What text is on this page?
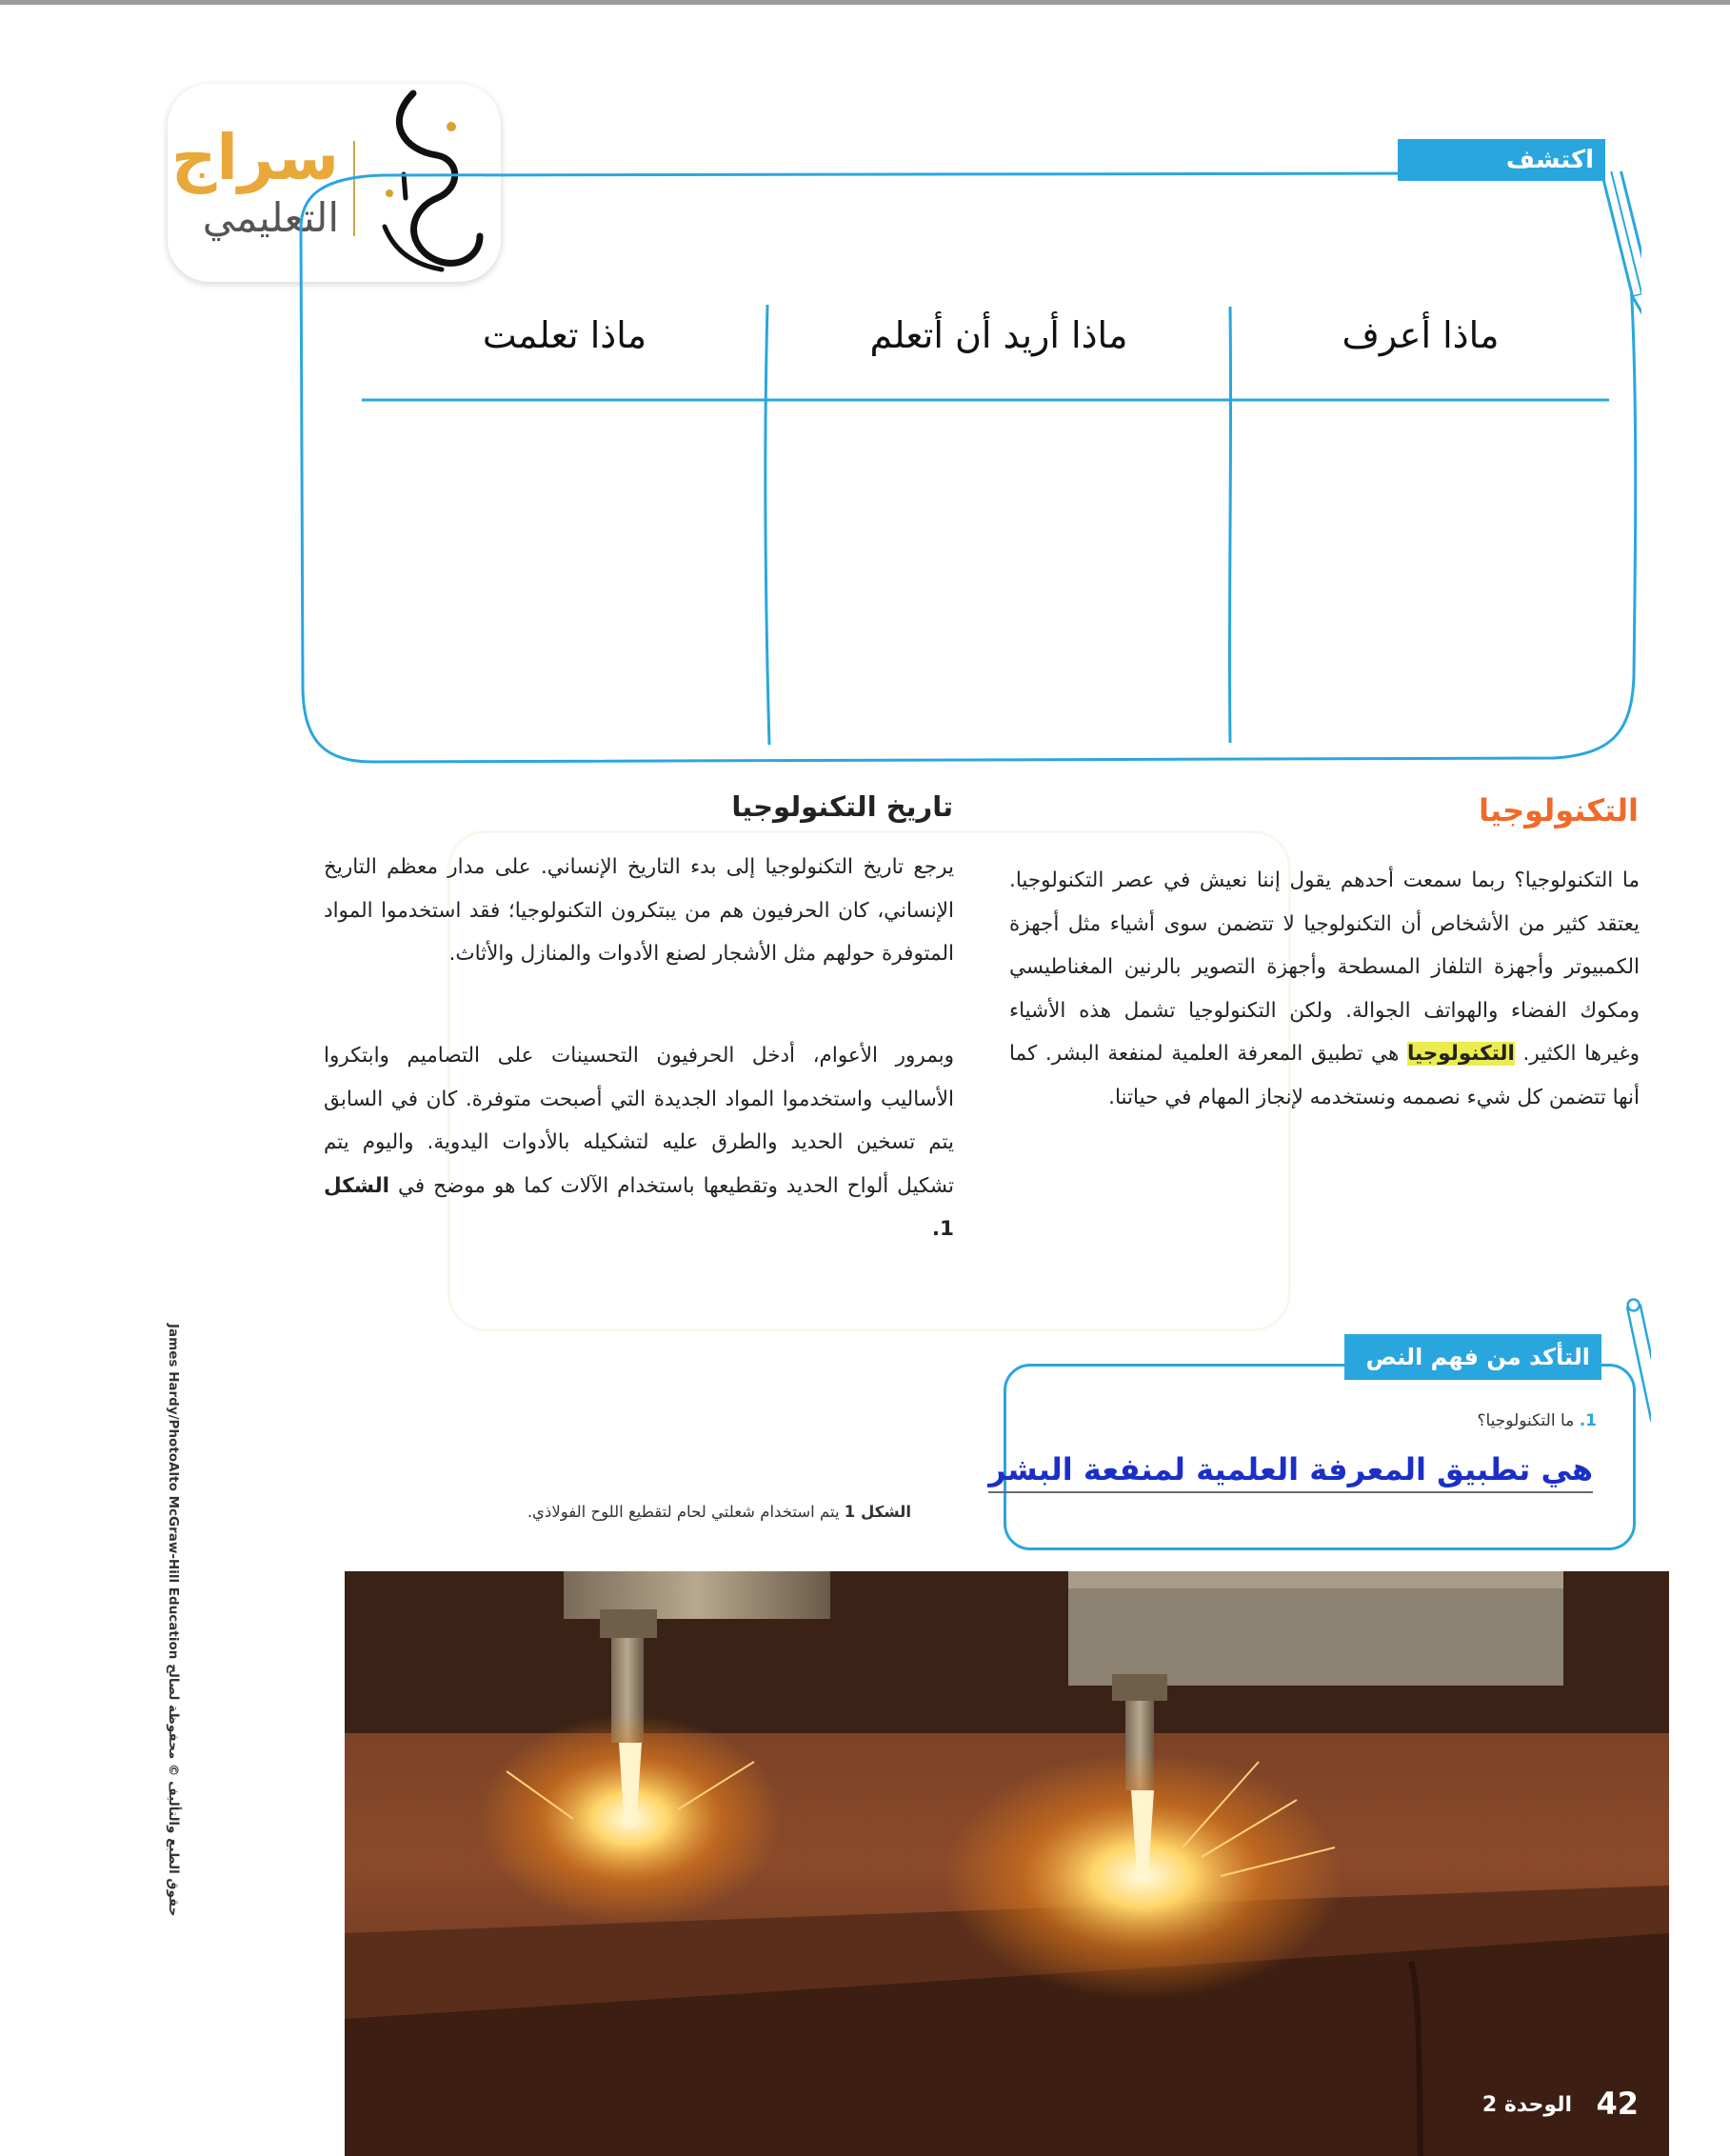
سراج
التعليمي
اكتشف
ماذا أعرف
ماذا أريد أن أتعلم
ماذا تعلمت
التكنولوجيا
ما التكنولوجيا؟ ربما سمعت أحدهم يقول إننا نعيش في عصر التكنولوجيا. يعتقد كثير من الأشخاص أن التكنولوجيا لا تتضمن سوى أشياء مثل أجهزة الكمبيوتر وأجهزة التلفاز المسطحة وأجهزة التصوير بالرنين المغناطيسي ومكوك الفضاء والهواتف الجوالة. ولكن التكنولوجيا تشمل هذه الأشياء وغيرها الكثير. التكنولوجيا هي تطبيق المعرفة العلمية لمنفعة البشر. كما أنها تتضمن كل شيء نصممه ونستخدمه لإنجاز المهام في حياتنا.
تاريخ التكنولوجيا
يرجع تاريخ التكنولوجيا إلى بدء التاريخ الإنساني. على مدار معظم التاريخ الإنساني، كان الحرفيون هم من يبتكرون التكنولوجيا؛ فقد استخدموا المواد المتوفرة حولهم مثل الأشجار لصنع الأدوات والمنازل والأثاث.
وبمرور الأعوام، أدخل الحرفيون التحسينات على التصاميم وابتكروا الأساليب واستخدموا المواد الجديدة التي أصبحت متوفرة. كان في السابق يتم تسخين الحديد والطرق عليه لتشكيله بالأدوات اليدوية. واليوم يتم تشكيل ألواح الحديد وتقطيعها باستخدام الآلات كما هو موضح في الشكل 1.
التأكد من فهم النص
1. ما التكنولوجيا؟
هي تطبيق المعرفة العلمية لمنفعة البشر
الشكل 1 يتم استخدام شعلتي لحام لتقطيع اللوح الفولاذي.
James Hardy/PhotoAlto McGraw-Hill Education حقوق الطبع والتأليف © محفوظة لصالح
الوحدة 2 42
